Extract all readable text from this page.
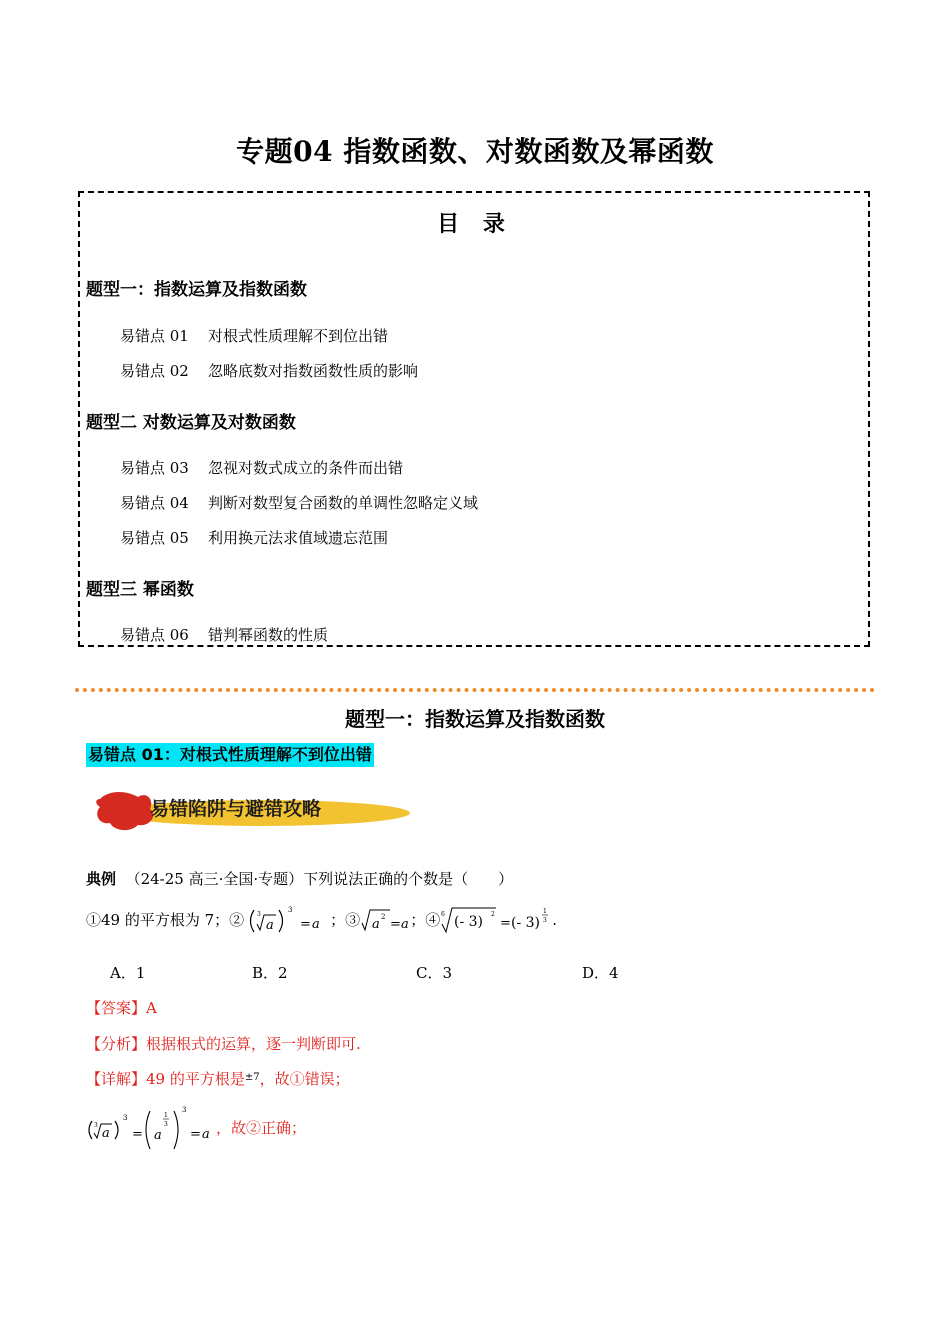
专题04 指数函数、对数函数及幂函数
目 录
题型一：指数运算及指数函数
易错点 01 对根式性质理解不到位出错
易错点 02 忽略底数对指数函数性质的影响
题型二 对数运算及对数函数
易错点 03 忽视对数式成立的条件而出错
易错点 04 判断对数型复合函数的单调性忽略定义域
易错点 05 利用换元法求值域遗忘范围
题型三 幂函数
易错点 06 错判幂函数的性质
题型一：指数运算及指数函数
易错点 01：对根式性质理解不到位出错
易错陷阱与避错攻略
典例 （24-25 高三·全国·专题）下列说法正确的个数是（　　）
①49 的平方根为 7；② 3
a
3
= a ；③ a 2 = a ；④ 6 (- 3) 2
= (- 3)
1
3 .
A．1	B．2	C．3	D．4
【答案】A
【分析】根据根式的运算，逐一判断即可.
【详解】49 的平方根是$^{\pm 7}$，故①错误；
3
a
3
= a
1
3
3
= a ，故②正确；
